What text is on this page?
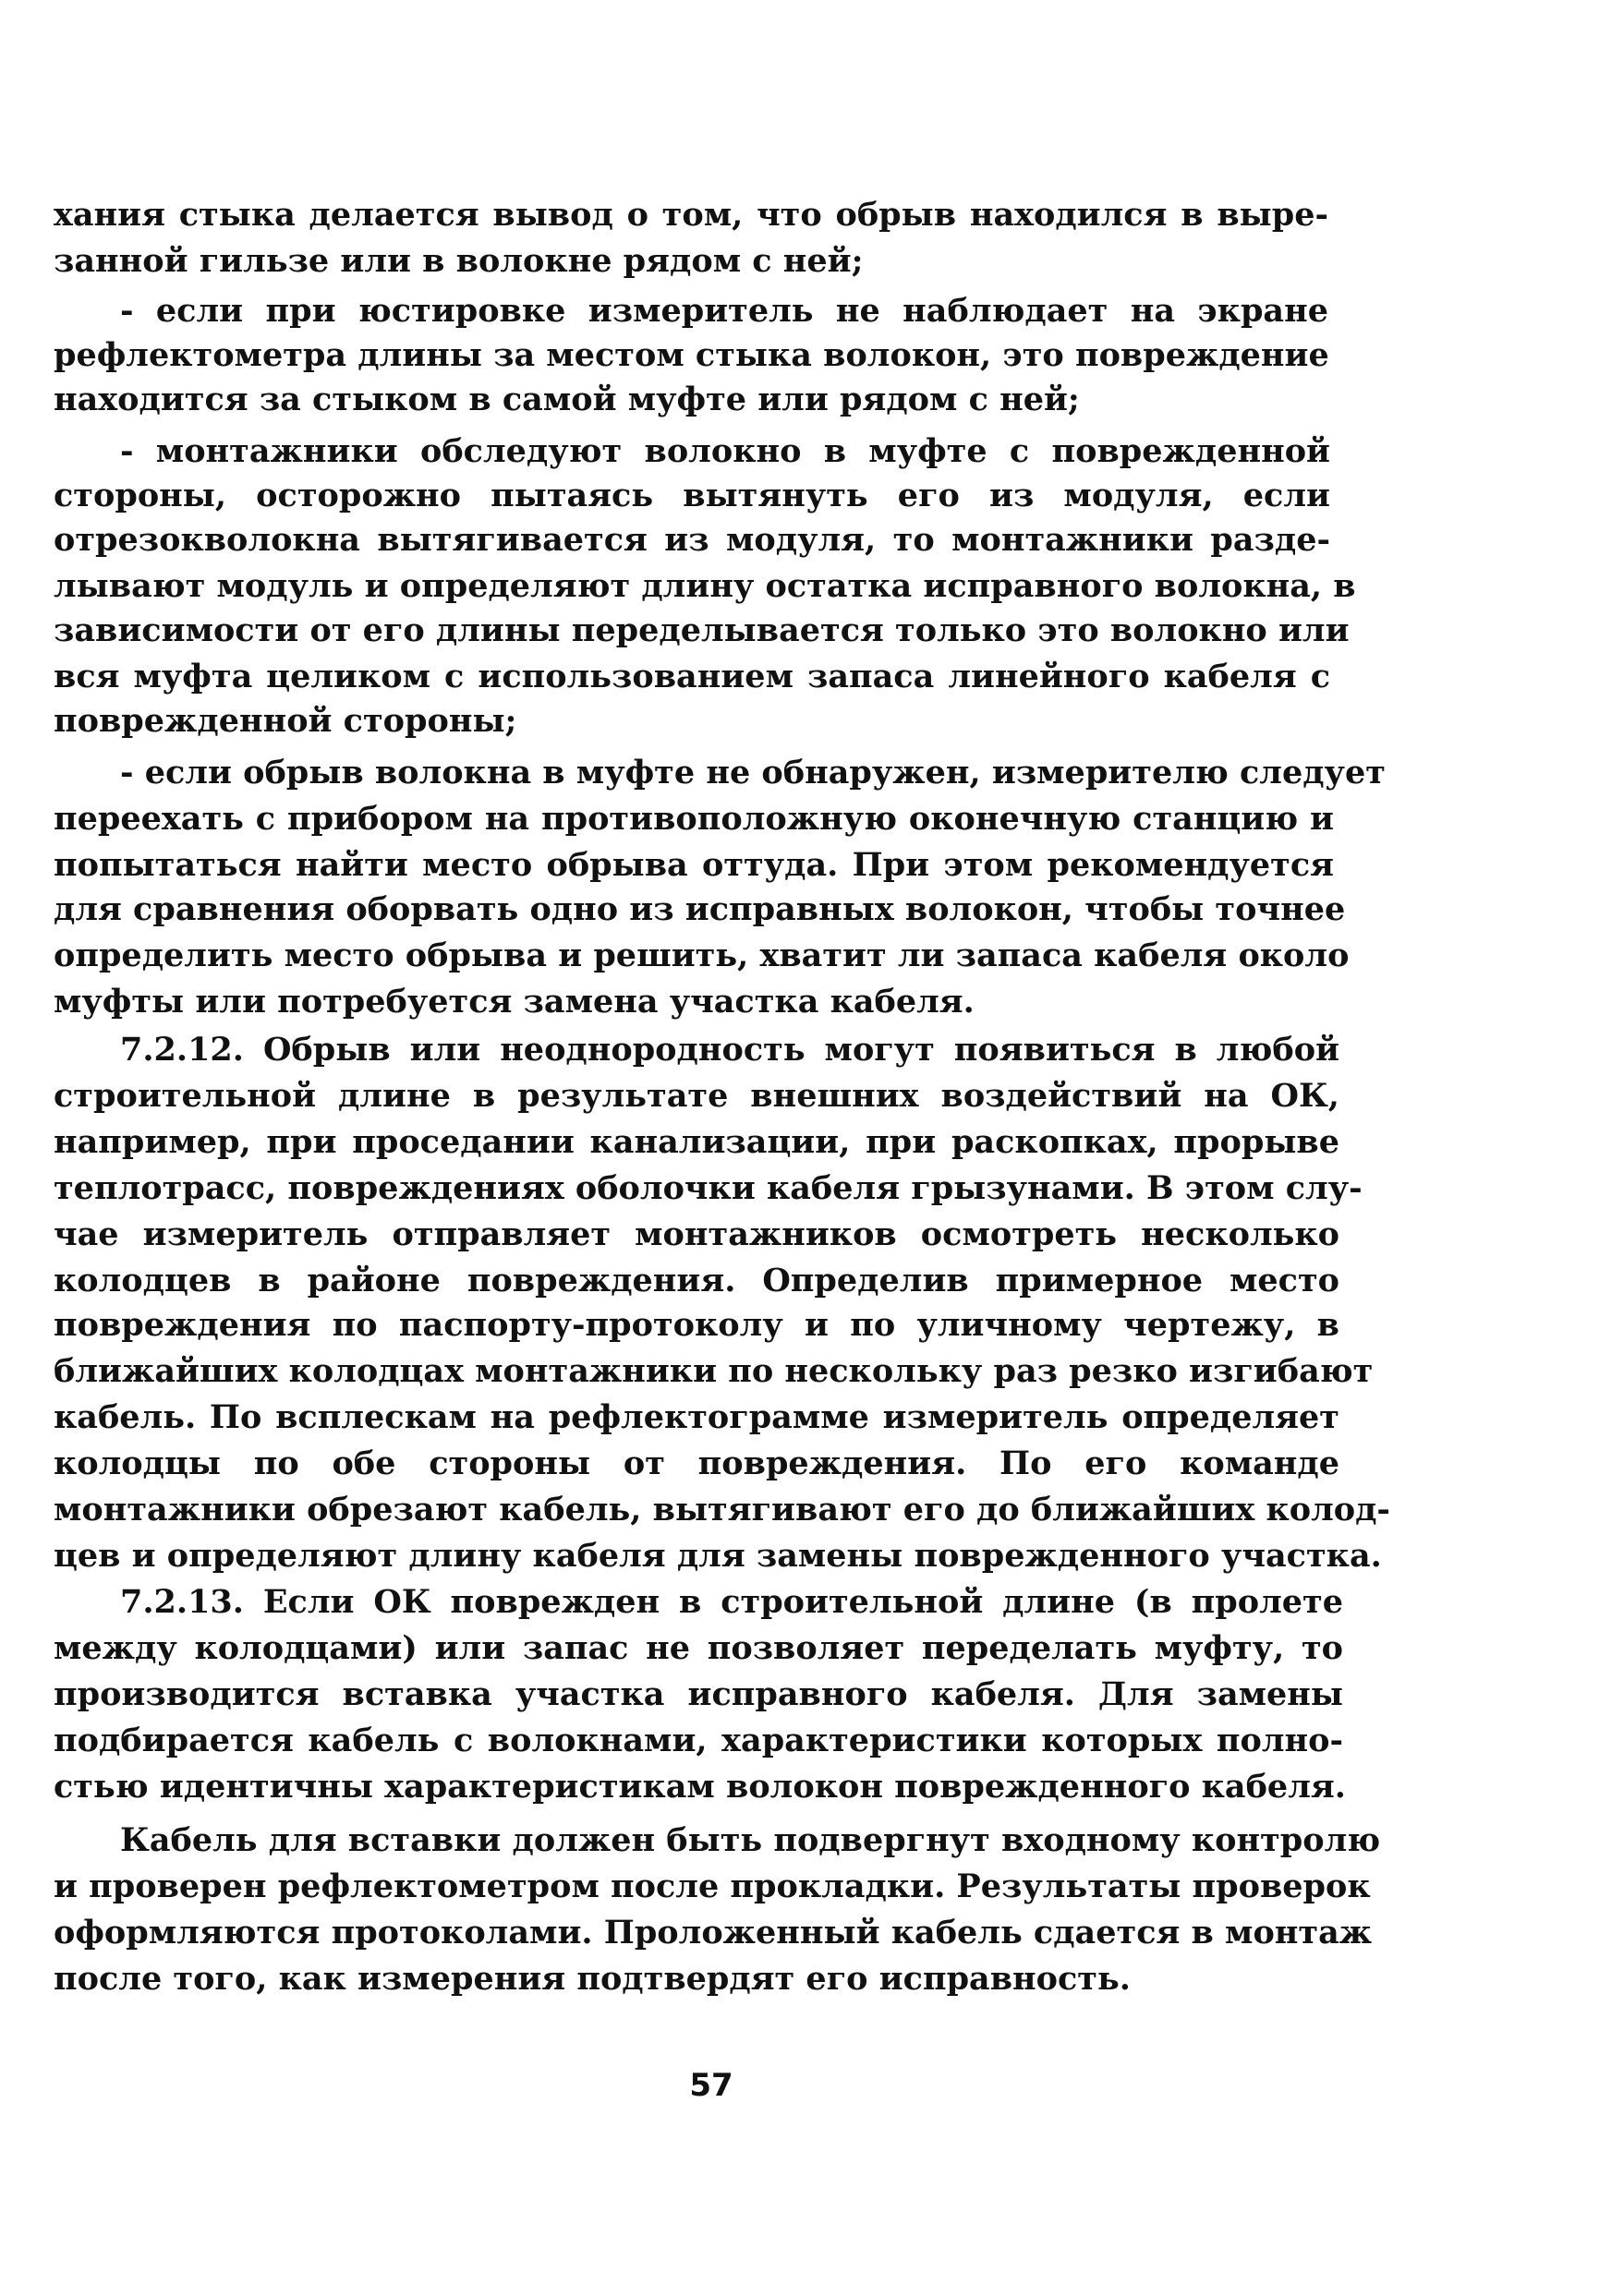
хания стыка делается вывод о том, что обрыв находился в выре-
занной гильзе или в волокне рядом с ней;
- если при юстировке измеритель не наблюдает на экране
рефлектометра длины за местом стыка волокон, это повреждение
находится за стыком в самой муфте или рядом с ней;
- монтажники обследуют волокно в муфте с поврежденной
стороны, осторожно пытаясь вытянуть его из модуля, если
отрезокволокна вытягивается из модуля, то монтажники разде-
лывают модуль и определяют длину остатка исправного волокна, в
зависимости от его длины переделывается только это волокно или
вся муфта целиком с использованием запаса линейного кабеля с
поврежденной стороны;
- если обрыв волокна в муфте не обнаружен, измерителю следует
переехать с прибором на противоположную оконечную станцию и
попытаться найти место обрыва оттуда. При этом рекомендуется
для сравнения оборвать одно из исправных волокон, чтобы точнее
определить место обрыва и решить, хватит ли запаса кабеля около
муфты или потребуется замена участка кабеля.
7.2.12. Обрыв или неоднородность могут появиться в любой
строительной длине в результате внешних воздействий на ОК,
например, при проседании канализации, при раскопках, прорыве
теплотрасс, повреждениях оболочки кабеля грызунами. В этом слу-
чае измеритель отправляет монтажников осмотреть несколько
колодцев в районе повреждения. Определив примерное место
повреждения по паспорту-протоколу и по уличному чертежу, в
ближайших колодцах монтажники по нескольку раз резко изгибают
кабель. По всплескам на рефлектограмме измеритель определяет
колодцы по обе стороны от повреждения. По его команде
монтажники обрезают кабель, вытягивают его до ближайших колод-
цев и определяют длину кабеля для замены поврежденного участка.
7.2.13. Если ОК поврежден в строительной длине (в пролете
между колодцами) или запас не позволяет переделать муфту, то
производится вставка участка исправного кабеля. Для замены
подбирается кабель с волокнами, характеристики которых полно-
стью идентичны характеристикам волокон поврежденного кабеля.
Кабель для вставки должен быть подвергнут входному контролю
и проверен рефлектометром после прокладки. Результаты проверок
оформляются протоколами. Проложенный кабель сдается в монтаж
после того, как измерения подтвердят его исправность.
57
